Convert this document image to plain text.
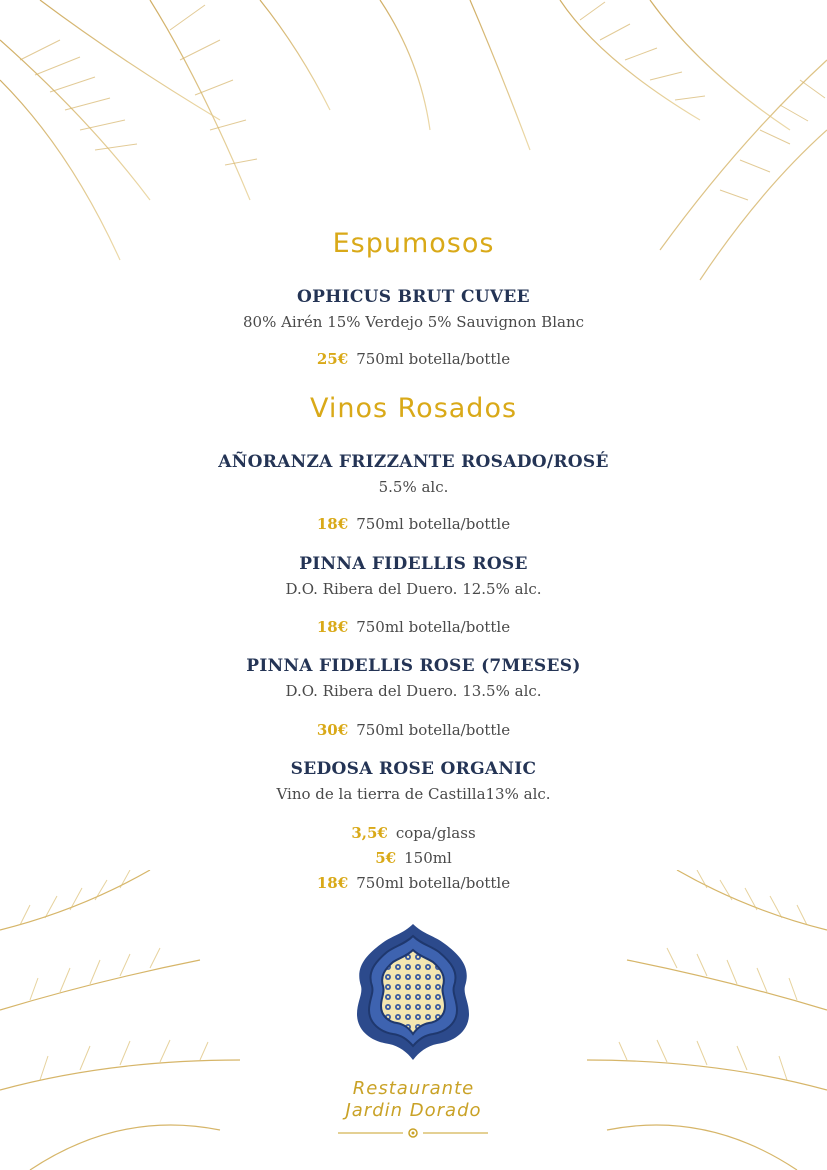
Espumosos
OPHICUS BRUT CUVEE
80% Airén 15% Verdejo 5% Sauvignon Blanc
25€ 750ml botella/bottle
Vinos Rosados
AÑORANZA FRIZZANTE ROSADO/ROSÉ
5.5% alc.
18€ 750ml botella/bottle
PINNA FIDELLIS ROSE
D.O. Ribera del Duero. 12.5% alc.
18€ 750ml botella/bottle
PINNA FIDELLIS ROSE (7MESES)
D.O. Ribera del Duero. 13.5% alc.
30€ 750ml botella/bottle
SEDOSA ROSE ORGANIC
Vino de la tierra de Castilla13% alc.
3,5€ copa/glass
5€ 150ml
18€ 750ml botella/bottle
Restaurante
Jardin Dorado
